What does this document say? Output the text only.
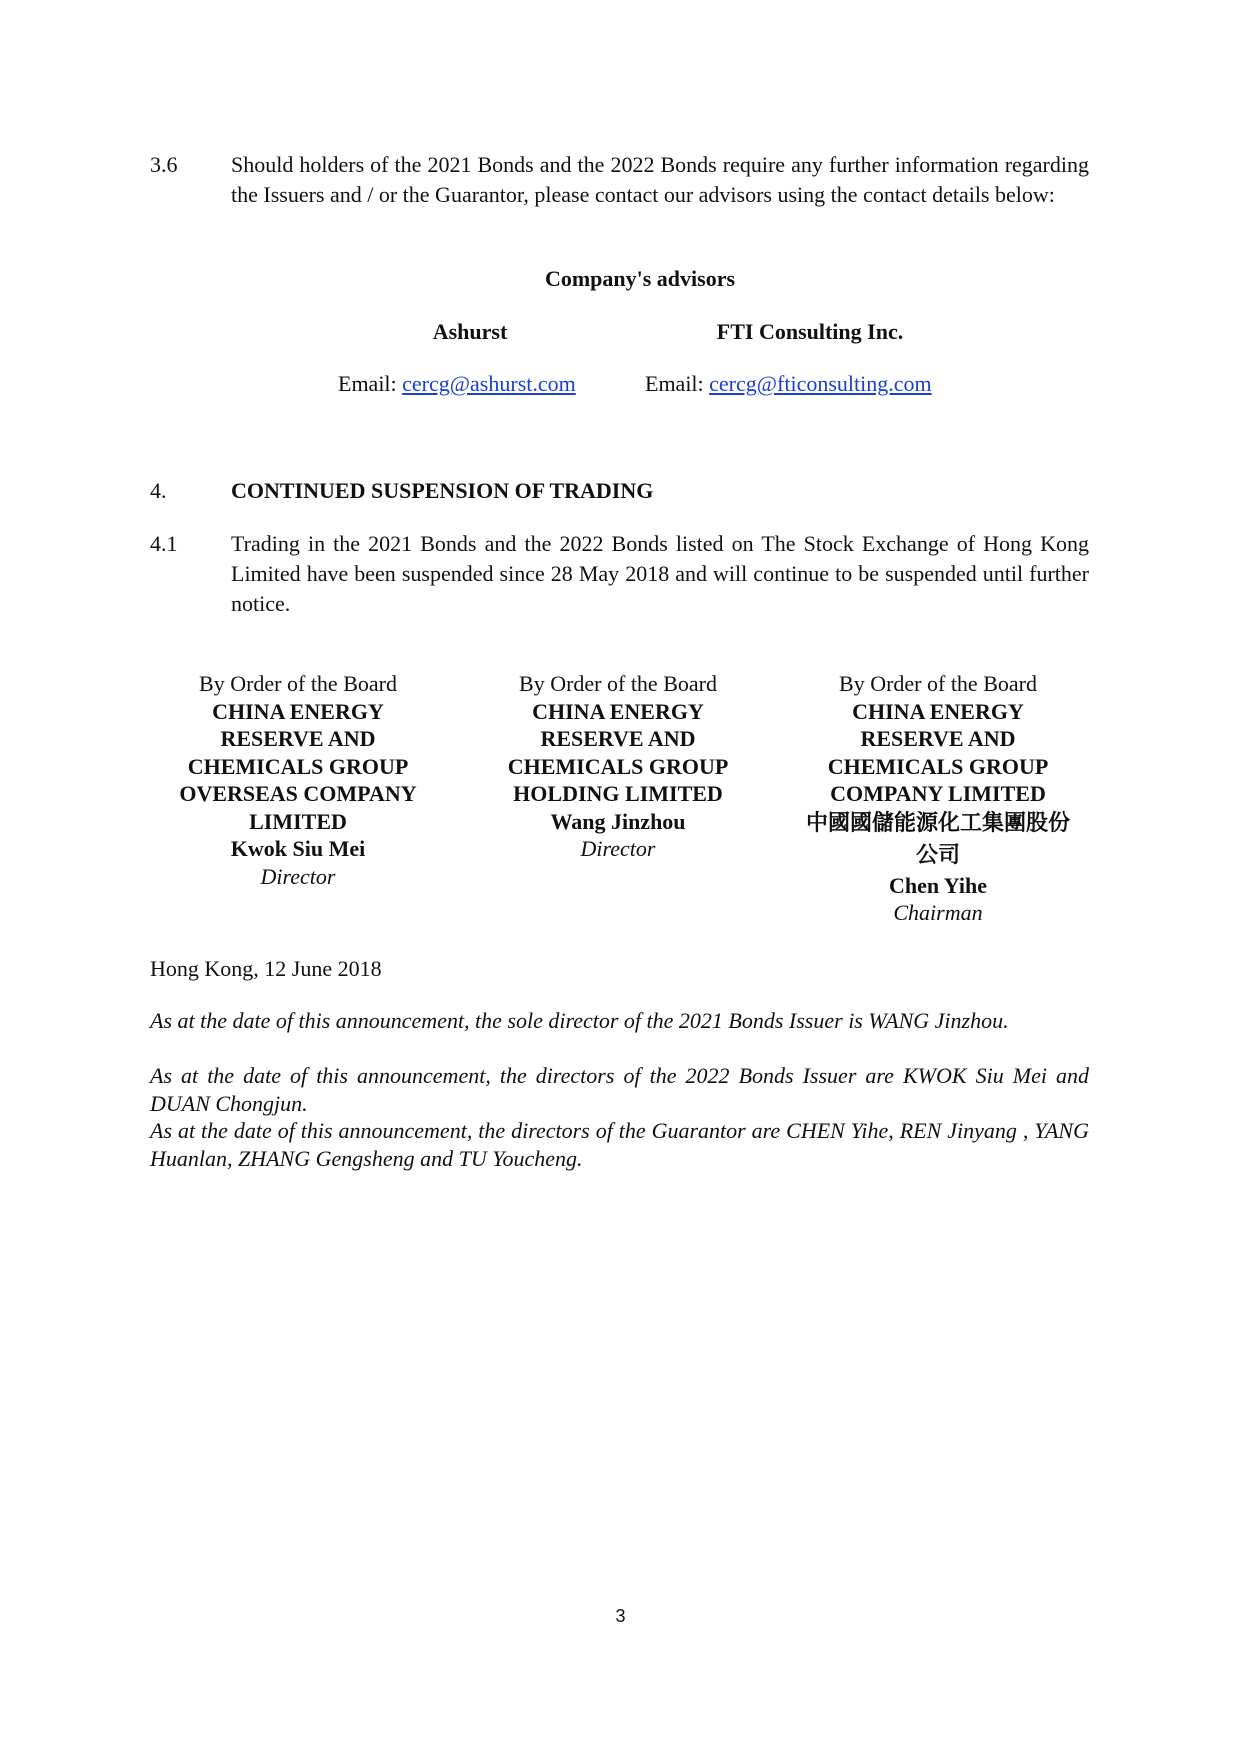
3.6 Should holders of the 2021 Bonds and the 2022 Bonds require any further information regarding the Issuers and / or the Guarantor, please contact our advisors using the contact details below:
Company's advisors
Ashurst	FTI Consulting Inc.
Email: cercg@ashurst.com	Email: cercg@fticonsulting.com
4.	CONTINUED SUSPENSION OF TRADING
4.1 Trading in the 2021 Bonds and the 2022 Bonds listed on The Stock Exchange of Hong Kong Limited have been suspended since 28 May 2018 and will continue to be suspended until further notice.
By Order of the Board
CHINA ENERGY
RESERVE AND
CHEMICALS GROUP
OVERSEAS COMPANY
LIMITED
Kwok Siu Mei
Director
By Order of the Board
CHINA ENERGY
RESERVE AND
CHEMICALS GROUP
HOLDING LIMITED
Wang Jinzhou
Director
By Order of the Board
CHINA ENERGY
RESERVE AND
CHEMICALS GROUP
COMPANY LIMITED
中國國儲能源化工集團股份
公司
Chen Yihe
Chairman
Hong Kong, 12 June 2018
As at the date of this announcement, the sole director of the 2021 Bonds Issuer is WANG Jinzhou.
As at the date of this announcement, the directors of the 2022 Bonds Issuer are KWOK Siu Mei and DUAN Chongjun.
As at the date of this announcement, the directors of the Guarantor are CHEN Yihe, REN Jinyang , YANG Huanlan, ZHANG Gengsheng and TU Youcheng.
3
